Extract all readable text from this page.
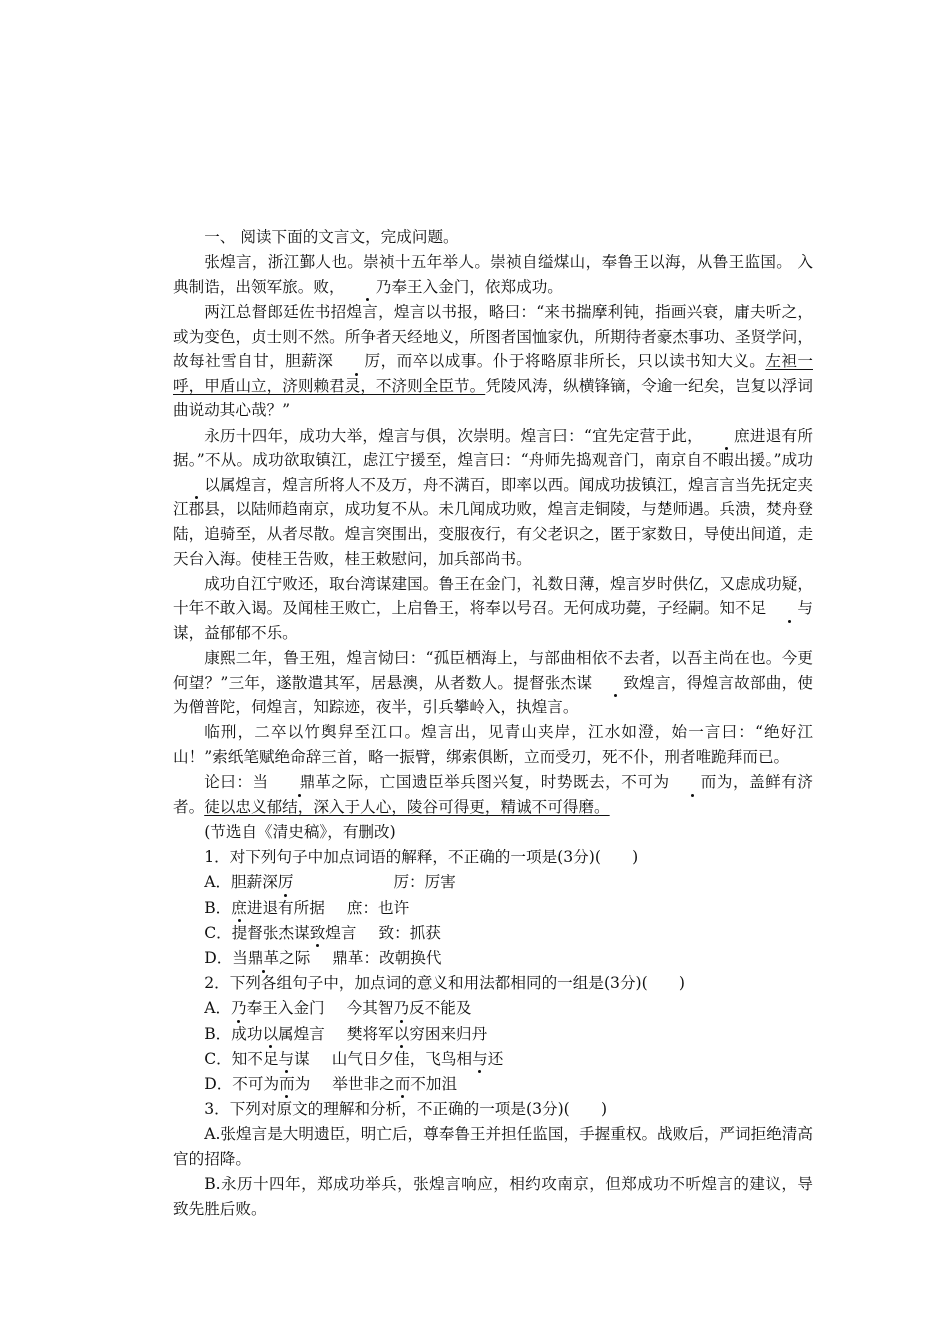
一、 阅读下面的文言文，完成问题。

张煌言，浙江鄞人也。崇祯十五年举人。崇祯自缢煤山，奉鲁王以海，从鲁王监国。 入典制诰，出领军旅。败， 乃奉王入金门，依郑成功。

两江总督郎廷佐书招煌言，煌言以书报，略曰：“来书揣摩利钝，指画兴衰，庸夫听之，或为变色，贞士则不然。所争者天经地义，所图者国恤家仇，所期待者豪杰事功、圣贤学问，故每社雪自甘，胆薪深 厉，而卒以成事。仆于将略原非所长，只以读书知大义。左袒一呼，甲盾山立，济则赖君灵，不济则全臣节。凭陵风涛，纵横锋镝，令逾一纪矣，岂复以浮词曲说动其心哉？”

永历十四年，成功大举，煌言与俱，次崇明。煌言曰：“宜先定营于此， 庶进退有所据。”不从。成功欲取镇江，虑江宁援至，煌言曰：“舟师先捣观音门，南京自不暇出援。”成功以属煌言，煌言所将人不及万，舟不满百，即率以西。闻成功拔镇江，煌言言当先抚定夹江郡县，以陆师趋南京，成功复不从。未几闻成功败，煌言走铜陵，与楚师遇。兵溃，焚舟登陆，追骑至，从者尽散。煌言突围出，变服夜行，有父老识之，匿于家数日，导使出间道，走天台入海。使桂王告败，桂王敕慰问，加兵部尚书。

成功自江宁败还，取台湾谋建国。鲁王在金门，礼数日薄，煌言岁时供亿，又虑成功疑，十年不敢入谒。及闻桂王败亡，上启鲁王，将奉以号召。无何成功薨，子经嗣。知不足 与谋，益郁郁不乐。

康熙二年，鲁王殂，煌言恸曰：“孤臣栖海上，与部曲相依不去者，以吾主尚在也。今更何望？”三年，遂散遣其军，居悬澳，从者数人。提督张杰谋 致煌言，得煌言故部曲，使为僧普陀，伺煌言，知踪迹，夜半，引兵攀岭入，执煌言。

临刑，二卒以竹舆舁至江口。煌言出，见青山夹岸，江水如澄，始一言曰：“绝好江山！”索纸笔赋绝命辞三首，略一振臂，绑索俱断，立而受刃，死不仆，刑者唯跪拜而已。

论曰：当 鼎革之际，亡国遗臣举兵图兴复，时势既去，不可为 而为，盖鲜有济者。徒以忠义郁结，深入于人心，陵谷可得更，精诚不可得磨。

(节选自《清史稿》，有删改)

1．对下列句子中加点词语的解释，不正确的一项是(3分)(　　)

A．胆薪深厉	厉：厉害

B．庶进退有所据 庶：也许

C．提督张杰谋致煌言 致：抓获

D．当鼎革之际 鼎革：改朝换代

2．下列各组句子中，加点词的意义和用法都相同的一组是(3分)(　　)

A．乃奉王入金门 今其智乃反不能及

B．成功以属煌言 樊将军以穷困来归丹

C．知不足与谋 山气日夕佳，飞鸟相与还

D．不可为而为 举世非之而不加沮

3．下列对原文的理解和分析，不正确的一项是(3分)(　　)

A.张煌言是大明遗臣，明亡后，尊奉鲁王并担任监国，手握重权。战败后，严词拒绝清高官的招降。

B.永历十四年，郑成功举兵，张煌言响应，相约攻南京，但郑成功不听煌言的建议，导致先胜后败。
